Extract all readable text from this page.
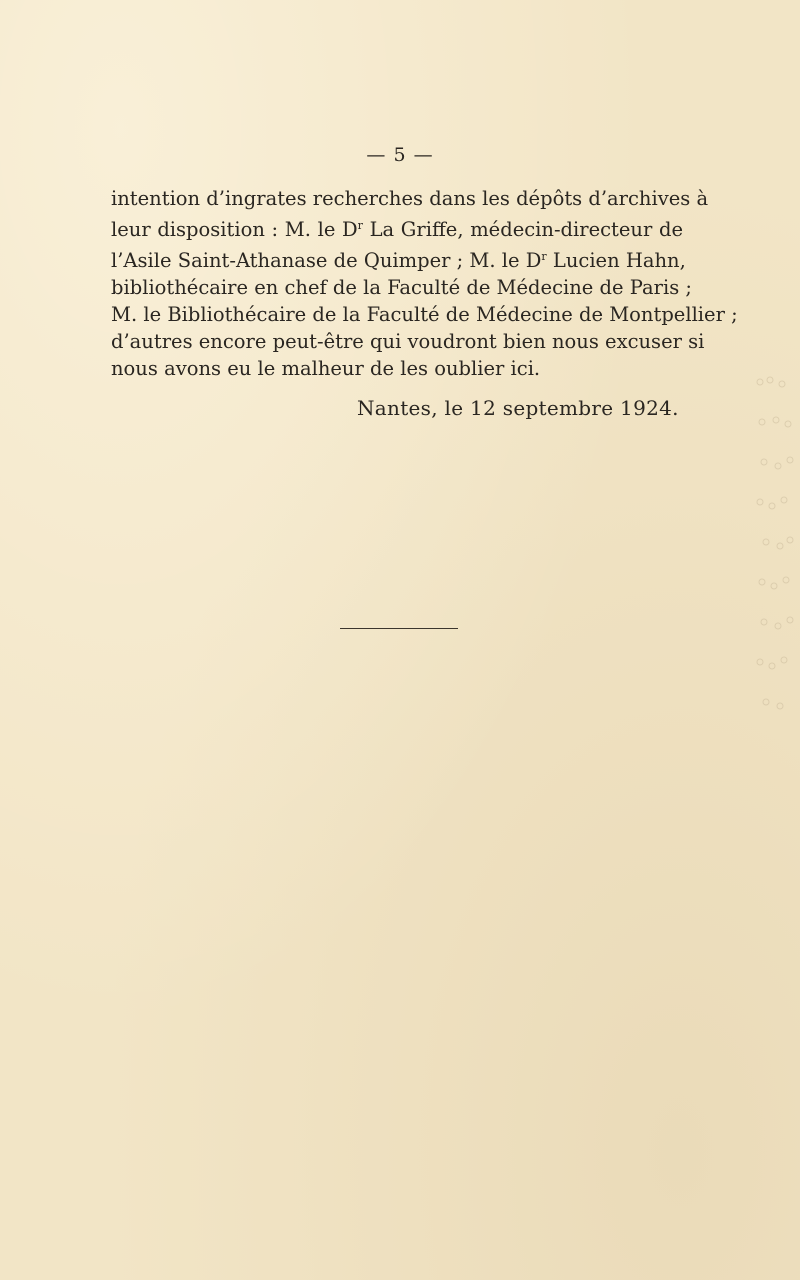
— 5 —
intention d’ingrates recherches dans les dépôts d’archives à
leur disposition : M. le $D^r$ La Griffe, médecin-directeur de
l’Asile Saint-Athanase de Quimper ; M. le $D^r$ Lucien Hahn,
bibliothécaire en chef de la Faculté de Médecine de Paris ;
M. le Bibliothécaire de la Faculté de Médecine de Montpellier ;
d’autres encore peut-être qui voudront bien nous excuser si
nous avons eu le malheur de les oublier ici.
Nantes, le 12 septembre 1924.
